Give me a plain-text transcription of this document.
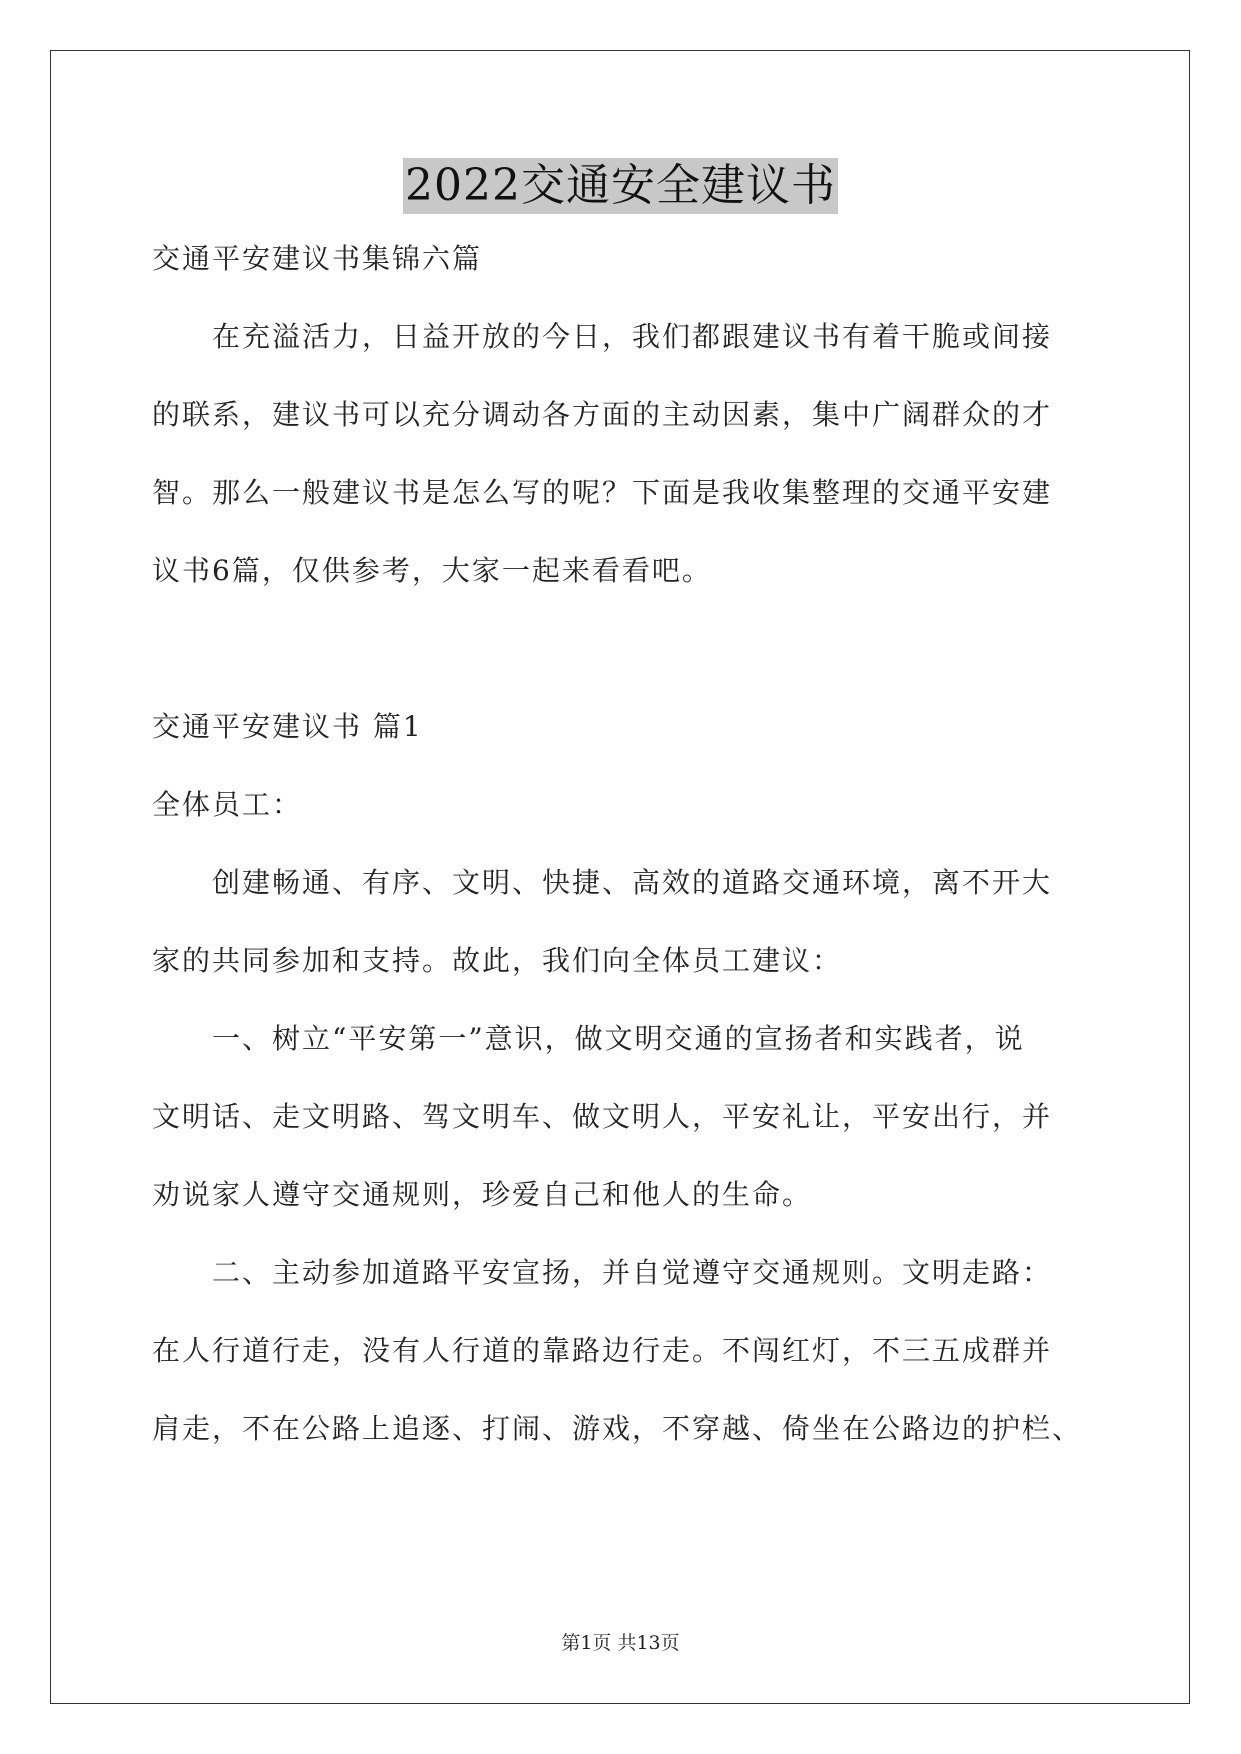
2022交通安全建议书
交通平安建议书集锦六篇
在充溢活力，日益开放的今日，我们都跟建议书有着干脆或间接
的联系，建议书可以充分调动各方面的主动因素，集中广阔群众的才
智。那么一般建议书是怎么写的呢？下面是我收集整理的交通平安建
议书6篇，仅供参考，大家一起来看看吧。
交通平安建议书 篇1
全体员工：
创建畅通、有序、文明、快捷、高效的道路交通环境，离不开大
家的共同参加和支持。故此，我们向全体员工建议：
一、树立“平安第一”意识，做文明交通的宣扬者和实践者，说
文明话、走文明路、驾文明车、做文明人，平安礼让，平安出行，并
劝说家人遵守交通规则，珍爱自己和他人的生命。
二、主动参加道路平安宣扬，并自觉遵守交通规则。文明走路：
在人行道行走，没有人行道的靠路边行走。不闯红灯，不三五成群并
肩走，不在公路上追逐、打闹、游戏，不穿越、倚坐在公路边的护栏、
第1页 共13页
